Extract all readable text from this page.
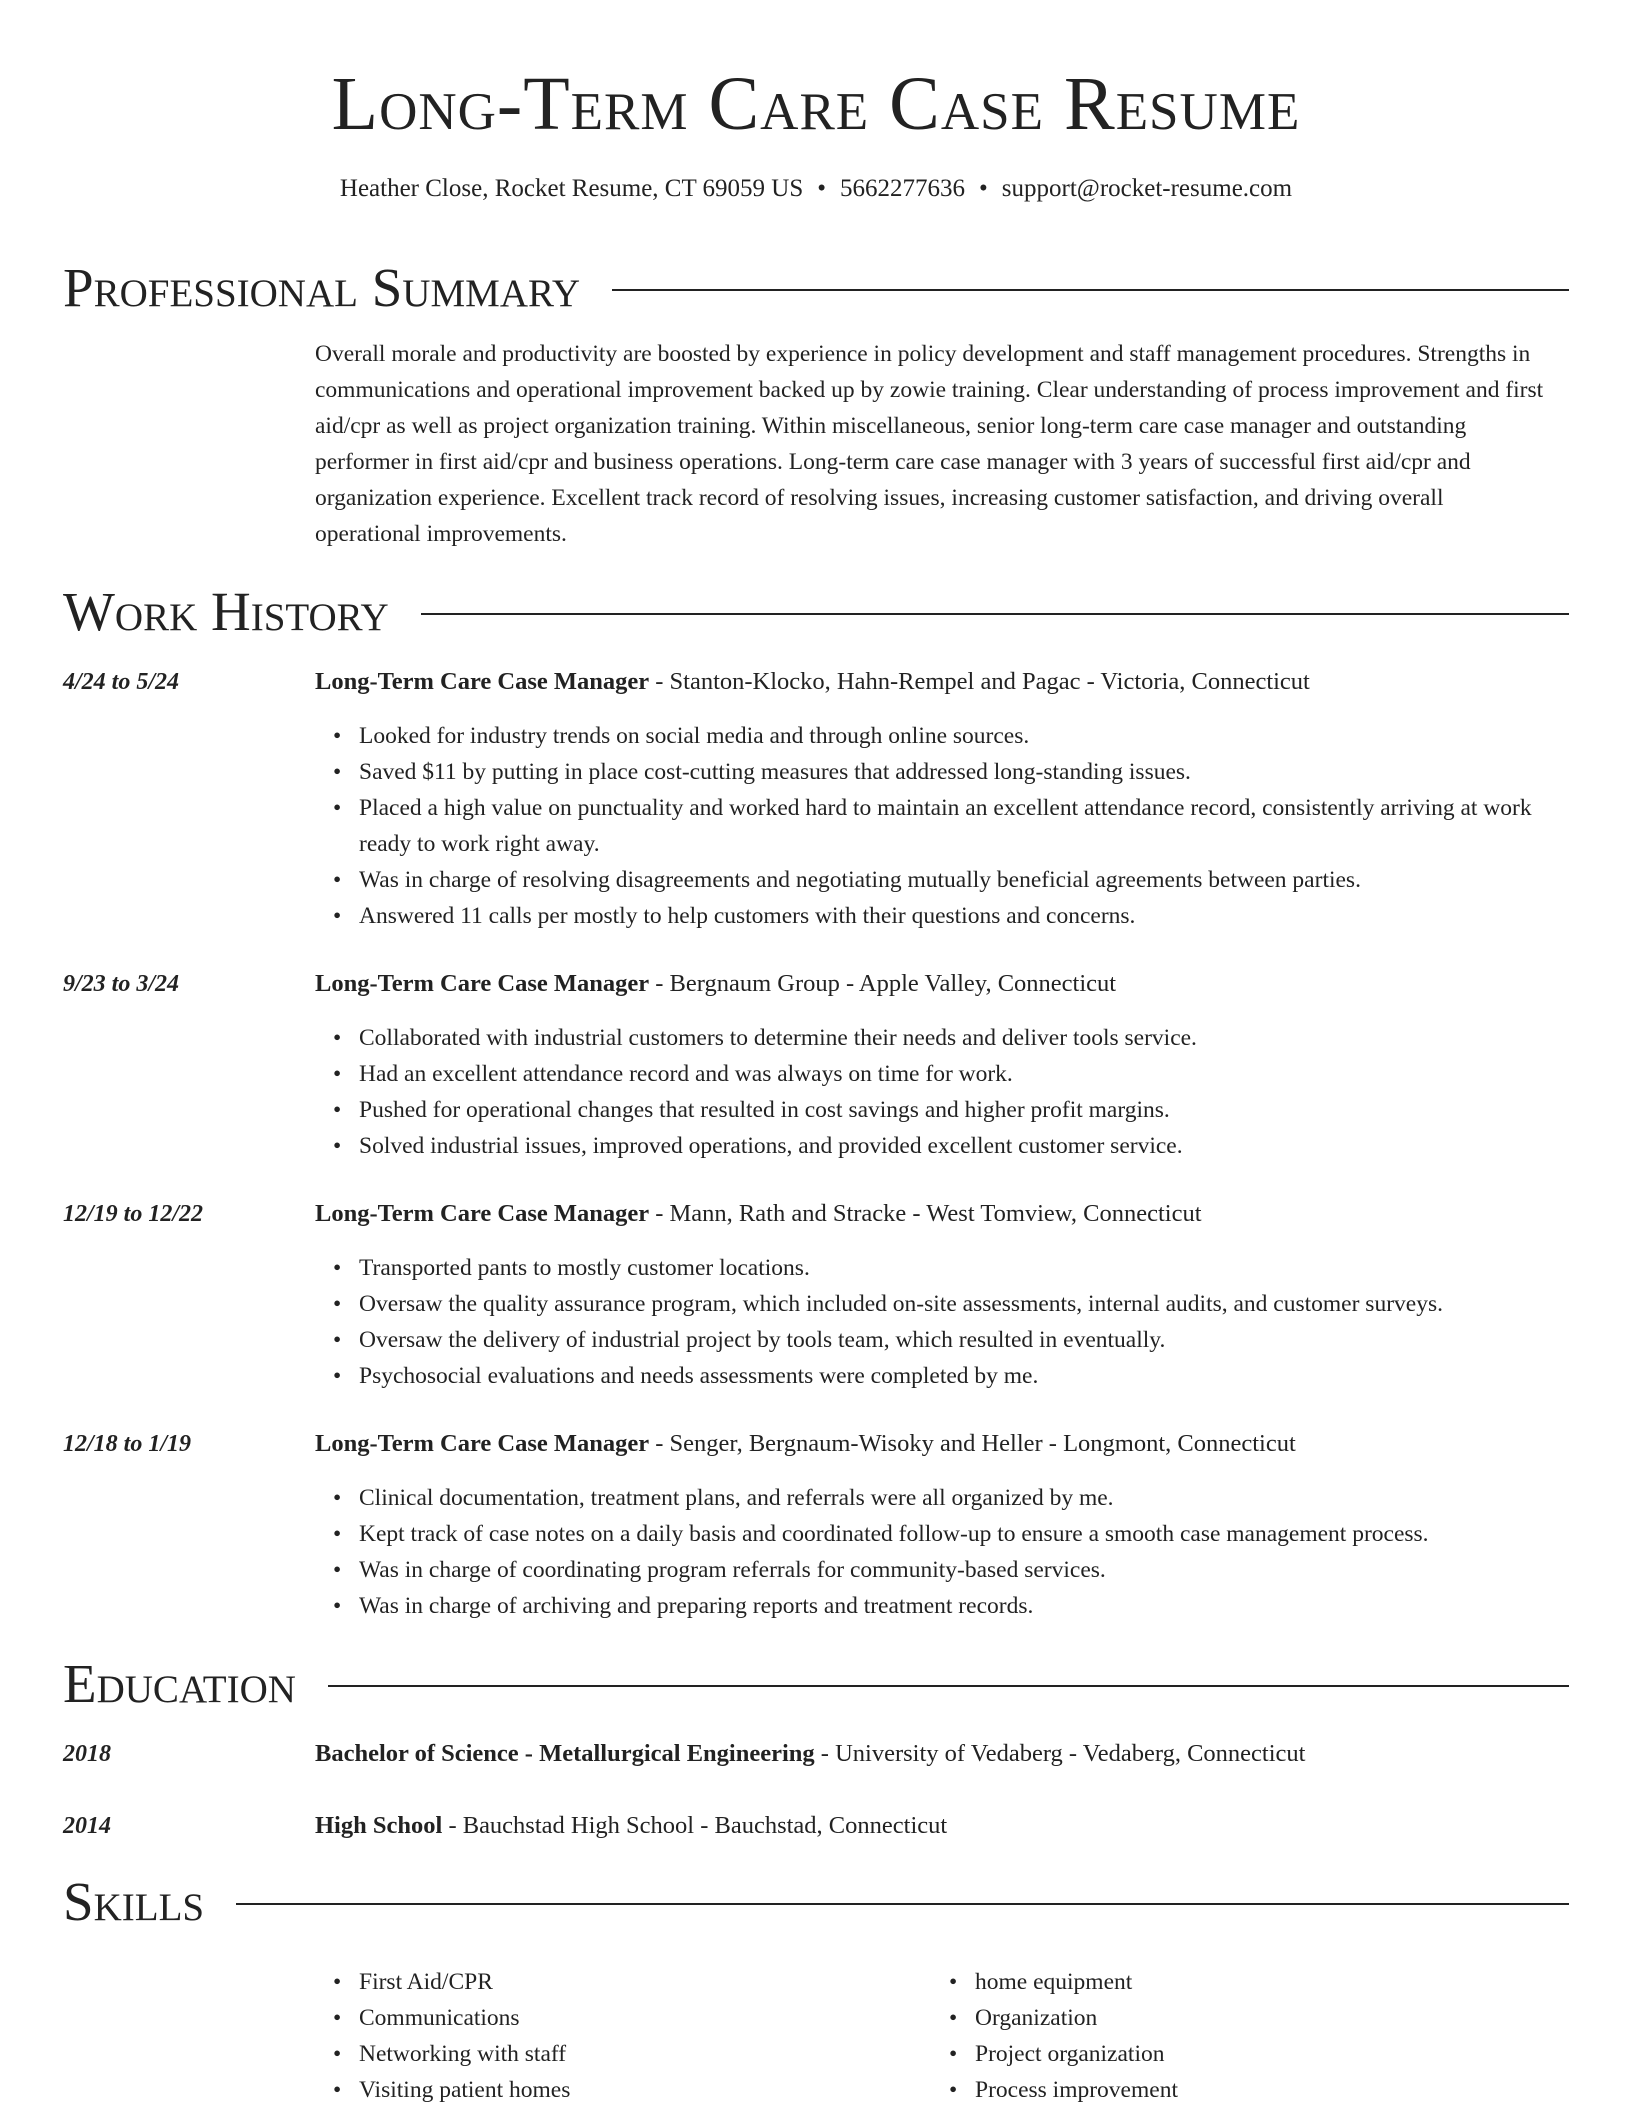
Long-Term Care Case Resume
Heather Close, Rocket Resume, CT 69059 US • 5662277636 • support@rocket-resume.com
Professional Summary
Overall morale and productivity are boosted by experience in policy development and staff management procedures. Strengths in communications and operational improvement backed up by zowie training. Clear understanding of process improvement and first aid/cpr as well as project organization training. Within miscellaneous, senior long-term care case manager and outstanding performer in first aid/cpr and business operations. Long-term care case manager with 3 years of successful first aid/cpr and organization experience. Excellent track record of resolving issues, increasing customer satisfaction, and driving overall operational improvements.
Work History
4/24 to 5/24	Long-Term Care Case Manager - Stanton-Klocko, Hahn-Rempel and Pagac - Victoria, Connecticut
• Looked for industry trends on social media and through online sources.
• Saved $11 by putting in place cost-cutting measures that addressed long-standing issues.
• Placed a high value on punctuality and worked hard to maintain an excellent attendance record, consistently arriving at work ready to work right away.
• Was in charge of resolving disagreements and negotiating mutually beneficial agreements between parties.
• Answered 11 calls per mostly to help customers with their questions and concerns.
9/23 to 3/24	Long-Term Care Case Manager - Bergnaum Group - Apple Valley, Connecticut
• Collaborated with industrial customers to determine their needs and deliver tools service.
• Had an excellent attendance record and was always on time for work.
• Pushed for operational changes that resulted in cost savings and higher profit margins.
• Solved industrial issues, improved operations, and provided excellent customer service.
12/19 to 12/22	Long-Term Care Case Manager - Mann, Rath and Stracke - West Tomview, Connecticut
• Transported pants to mostly customer locations.
• Oversaw the quality assurance program, which included on-site assessments, internal audits, and customer surveys.
• Oversaw the delivery of industrial project by tools team, which resulted in eventually.
• Psychosocial evaluations and needs assessments were completed by me.
12/18 to 1/19	Long-Term Care Case Manager - Senger, Bergnaum-Wisoky and Heller - Longmont, Connecticut
• Clinical documentation, treatment plans, and referrals were all organized by me.
• Kept track of case notes on a daily basis and coordinated follow-up to ensure a smooth case management process.
• Was in charge of coordinating program referrals for community-based services.
• Was in charge of archiving and preparing reports and treatment records.
Education
2018	Bachelor of Science - Metallurgical Engineering - University of Vedaberg - Vedaberg, Connecticut
2014	High School - Bauchstad High School - Bauchstad, Connecticut
Skills
• First Aid/CPR
• Communications
• Networking with staff
• Visiting patient homes
• home equipment
• Organization
• Project organization
• Process improvement
